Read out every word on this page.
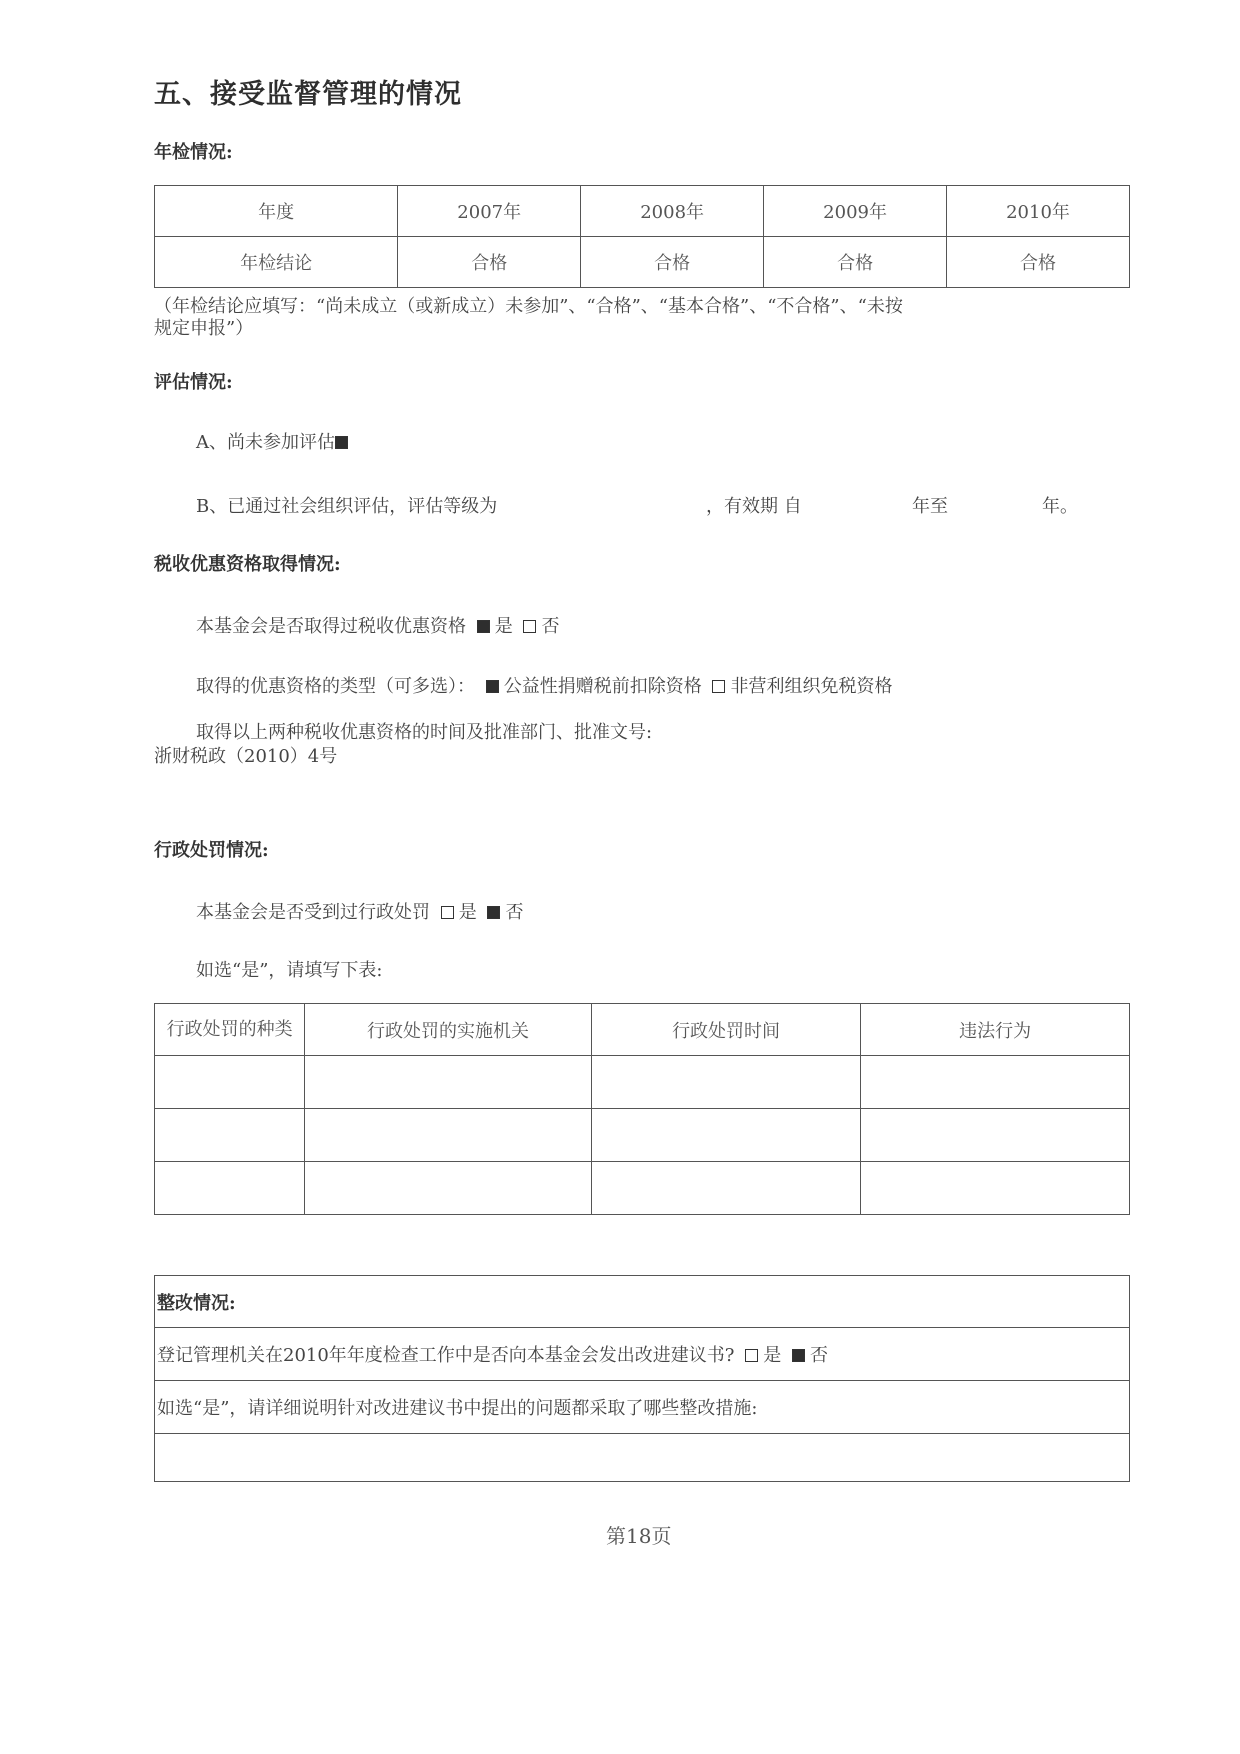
五、接受监督管理的情况
年检情况:
年度	2007年	2008年	2009年	2010年
年检结论	合格	合格	合格	合格
（年检结论应填写：“尚未成立（或新成立）未参加”、“合格”、“基本合格”、“不合格”、“未按
规定申报”）
评估情况:
A、尚未参加评估
B、已通过社会组织评估，评估等级为	，有效期 自	年至	年。
税收优惠资格取得情况:
本基金会是否取得过税收优惠资格 是 否
取得的优惠资格的类型（可多选）： 公益性捐赠税前扣除资格 非营利组织免税资格
取得以上两种税收优惠资格的时间及批准部门、批准文号:
浙财税政（2010）4号
行政处罚情况:
本基金会是否受到过行政处罚 是 否
如选“是”，请填写下表:
行政处罚的种类	行政处罚的实施机关	行政处罚时间	违法行为

整改情况:
登记管理机关在2010年年度检查工作中是否向本基金会发出改进建议书? 是 否
如选“是”，请详细说明针对改进建议书中提出的问题都采取了哪些整改措施:

第18页
